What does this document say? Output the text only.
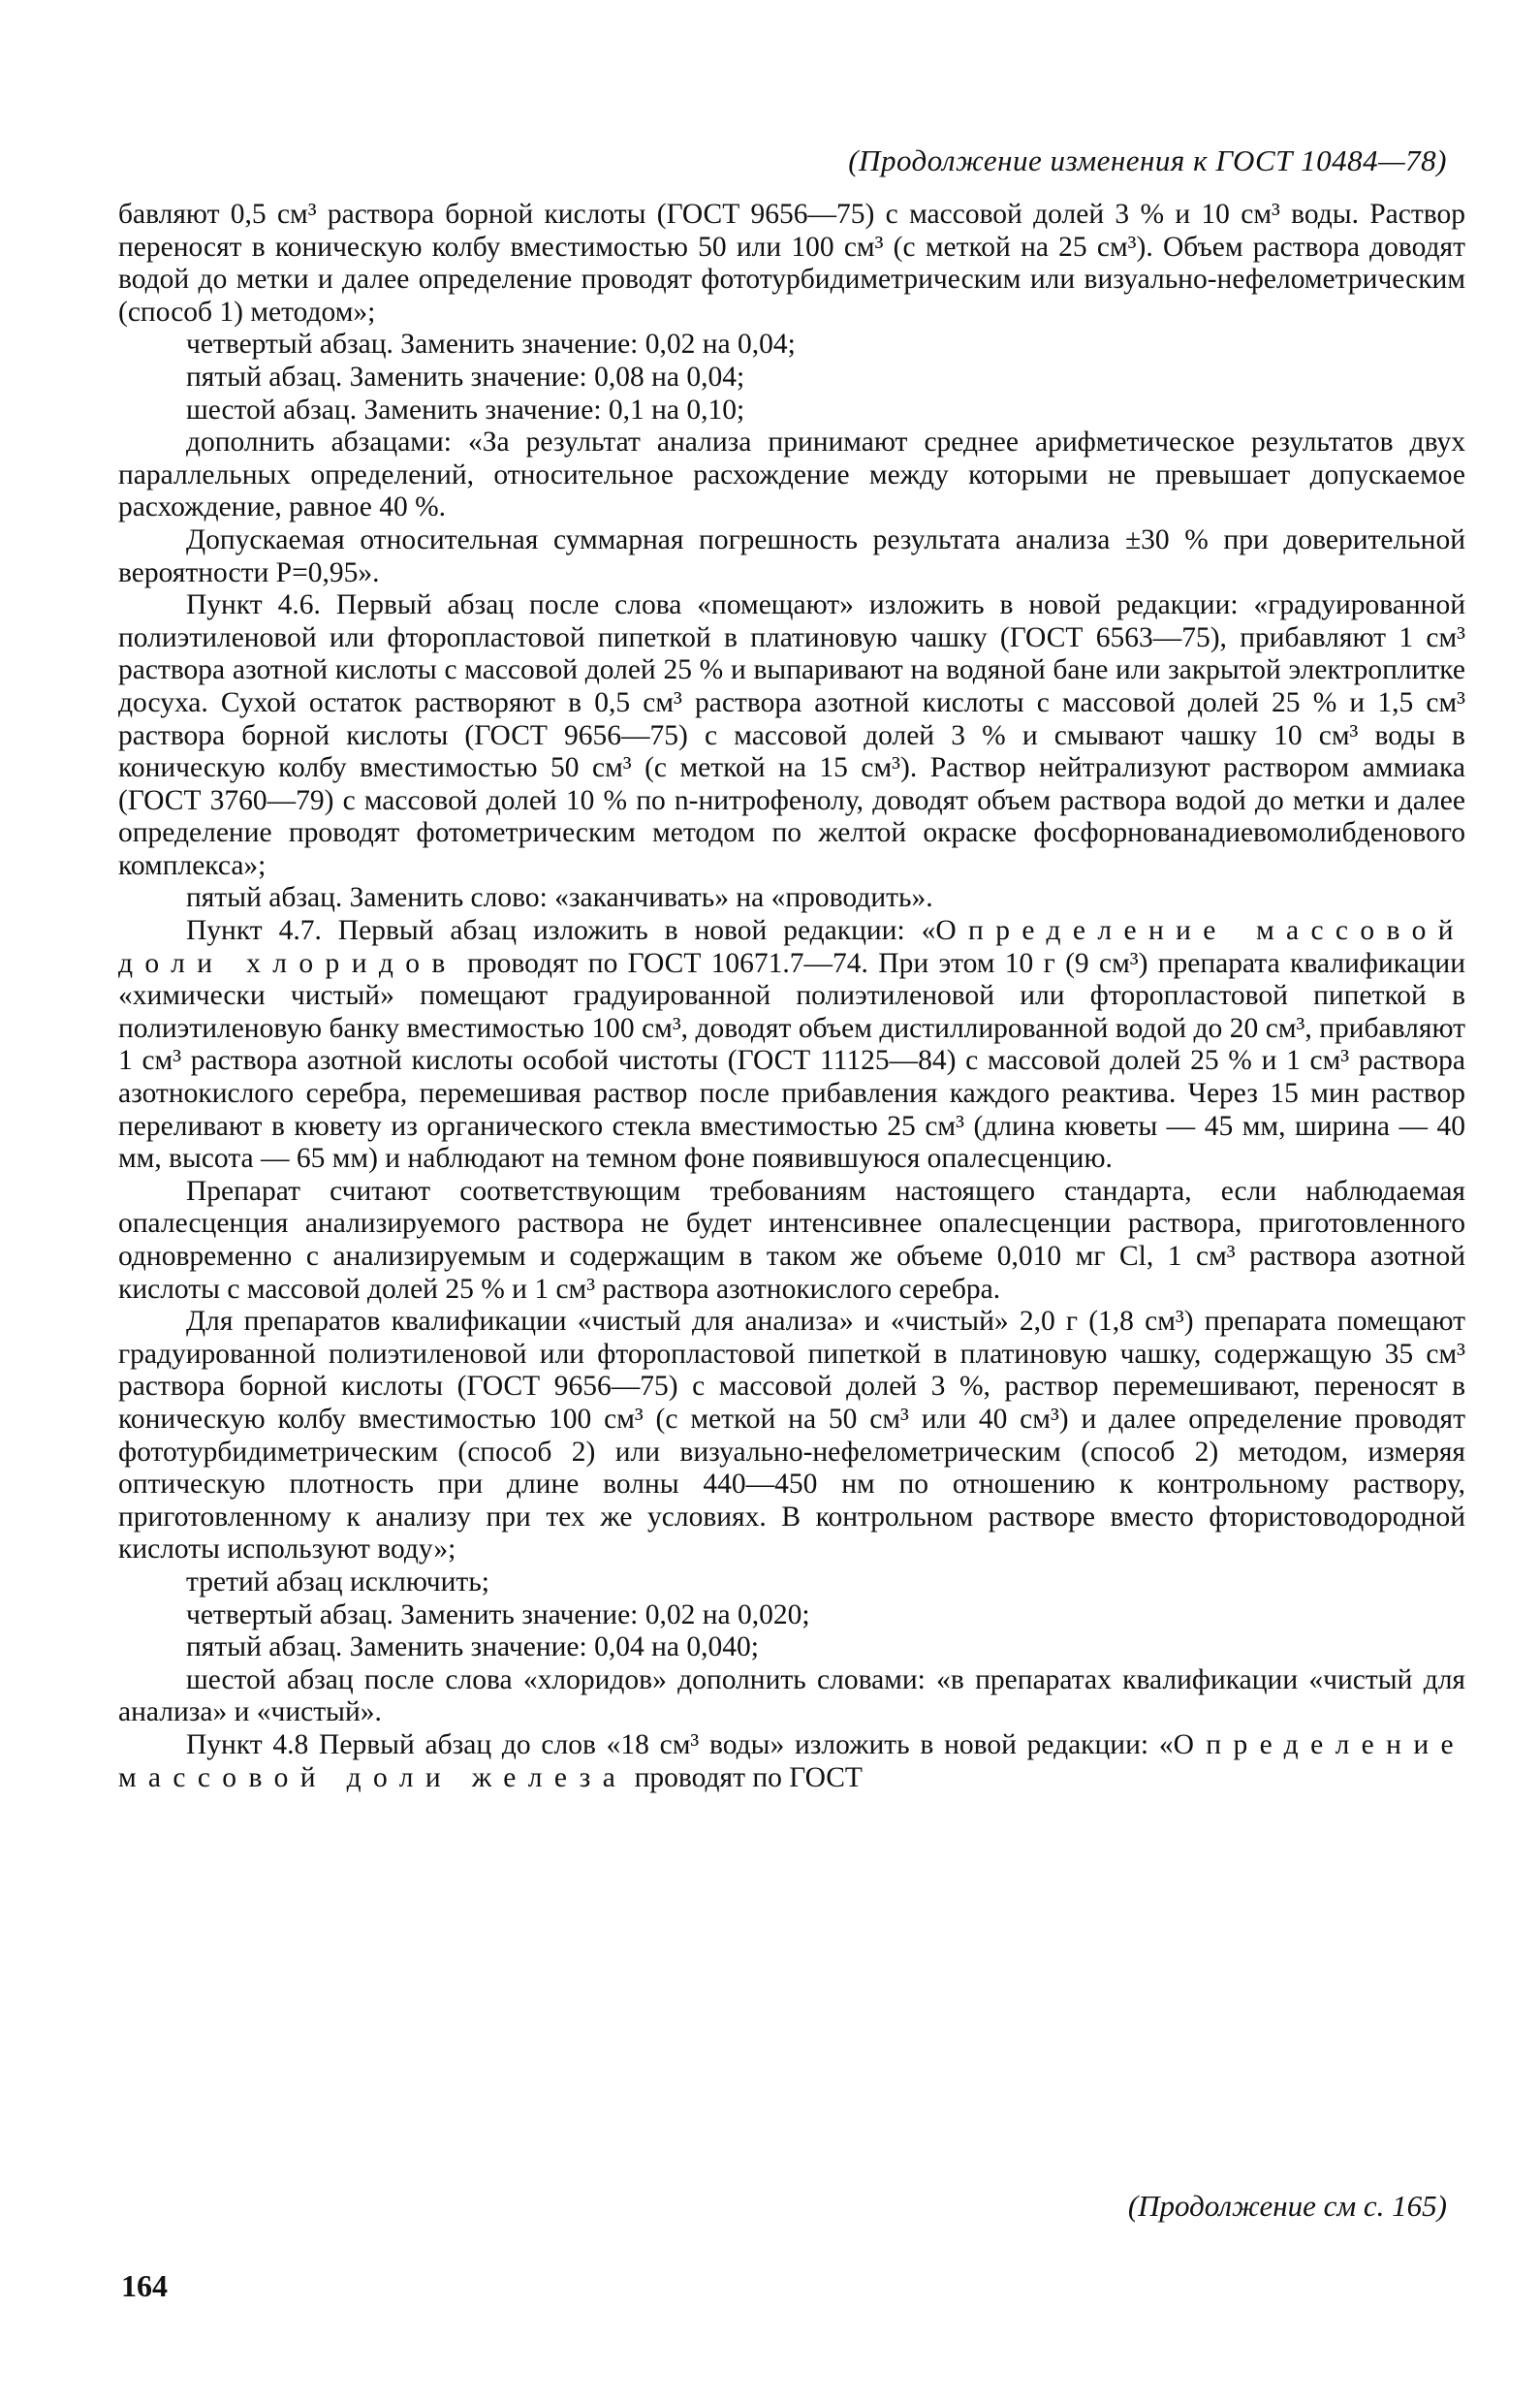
(Продолжение изменения к ГОСТ 10484—78)

бавляют 0,5 см³ раствора борной кислоты (ГОСТ 9656—75) с массовой долей 3 % и 10 см³ воды. Раствор переносят в коническую колбу вместимостью 50 или 100 см³ (с меткой на 25 см³). Объем раствора доводят водой до метки и далее определение проводят фототурбидиметрическим или визуально-нефелометрическим (способ 1) методом»;

четвертый абзац. Заменить значение: 0,02 на 0,04;

пятый абзац. Заменить значение: 0,08 на 0,04;

шестой абзац. Заменить значение: 0,1 на 0,10;

дополнить абзацами: «За результат анализа принимают среднее арифметическое результатов двух параллельных определений, относительное расхождение между которыми не превышает допускаемое расхождение, равное 40 %.

Допускаемая относительная суммарная погрешность результата анализа ±30 % при доверительной вероятности P=0,95».

Пункт 4.6. Первый абзац после слова «помещают» изложить в новой редакции: «градуированной полиэтиленовой или фторопластовой пипеткой в платиновую чашку (ГОСТ 6563—75), прибавляют 1 см³ раствора азотной кислоты с массовой долей 25 % и выпаривают на водяной бане или закрытой электроплитке досуха. Сухой остаток растворяют в 0,5 см³ раствора азотной кислоты с массовой долей 25 % и 1,5 см³ раствора борной кислоты (ГОСТ 9656—75) с массовой долей 3 % и смывают чашку 10 см³ воды в коническую колбу вместимостью 50 см³ (с меткой на 15 см³). Раствор нейтрализуют раствором аммиака (ГОСТ 3760—79) с массовой долей 10 % по n-нитрофенолу, доводят объем раствора водой до метки и далее определение проводят фотометрическим методом по желтой окраске фосфорнованадиевомолибденового комплекса»;

пятый абзац. Заменить слово: «заканчивать» на «проводить».

Пункт 4.7. Первый абзац изложить в новой редакции: «Определение массовой доли хлоридов проводят по ГОСТ 10671.7—74. При этом 10 г (9 см³) препарата квалификации «химически чистый» помещают градуированной полиэтиленовой или фторопластовой пипеткой в полиэтиленовую банку вместимостью 100 см³, доводят объем дистиллированной водой до 20 см³, прибавляют 1 см³ раствора азотной кислоты особой чистоты (ГОСТ 11125—84) с массовой долей 25 % и 1 см³ раствора азотнокислого серебра, перемешивая раствор после прибавления каждого реактива. Через 15 мин раствор переливают в кювету из органического стекла вместимостью 25 см³ (длина кюветы — 45 мм, ширина — 40 мм, высота — 65 мм) и наблюдают на темном фоне появившуюся опалесценцию.

Препарат считают соответствующим требованиям настоящего стандарта, если наблюдаемая опалесценция анализируемого раствора не будет интенсивнее опалесценции раствора, приготовленного одновременно с анализируемым и содержащим в таком же объеме 0,010 мг Cl, 1 см³ раствора азотной кислоты с массовой долей 25 % и 1 см³ раствора азотнокислого серебра.

Для препаратов квалификации «чистый для анализа» и «чистый» 2,0 г (1,8 см³) препарата помещают градуированной полиэтиленовой или фторопластовой пипеткой в платиновую чашку, содержащую 35 см³ раствора борной кислоты (ГОСТ 9656—75) с массовой долей 3 %, раствор перемешивают, переносят в коническую колбу вместимостью 100 см³ (с меткой на 50 см³ или 40 см³) и далее определение проводят фототурбидиметрическим (способ 2) или визуально-нефелометрическим (способ 2) методом, измеряя оптическую плотность при длине волны 440—450 нм по отношению к контрольному раствору, приготовленному к анализу при тех же условиях. В контрольном растворе вместо фтористоводородной кислоты используют воду»;

третий абзац исключить;

четвертый абзац. Заменить значение: 0,02 на 0,020;

пятый абзац. Заменить значение: 0,04 на 0,040;

шестой абзац после слова «хлоридов» дополнить словами: «в препаратах квалификации «чистый для анализа» и «чистый».

Пункт 4.8 Первый абзац до слов «18 см³ воды» изложить в новой редакции: «Определение массовой доли железа проводят по ГОСТ

(Продолжение см с. 165)
164
